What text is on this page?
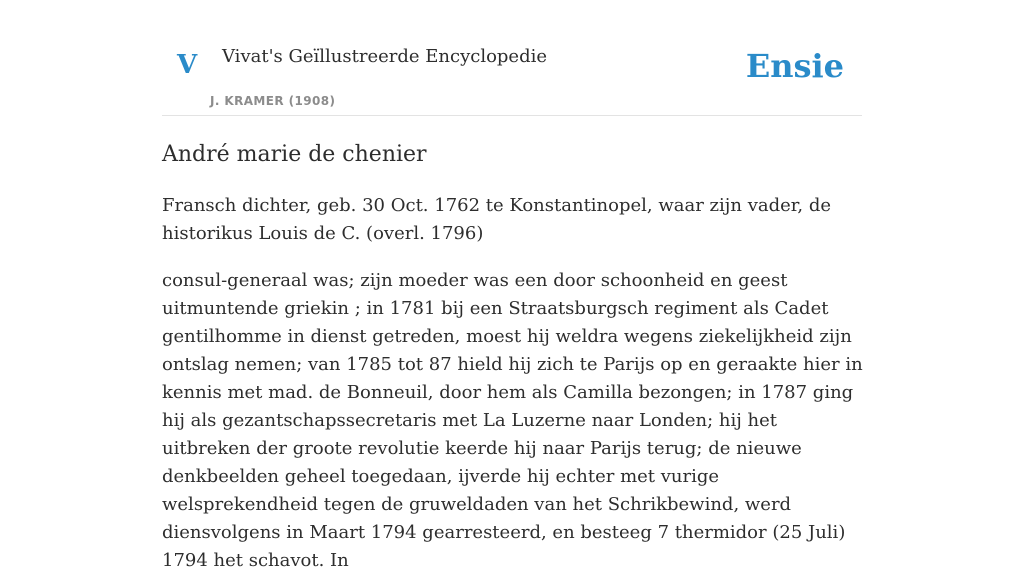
V Vivat's Geïllustreerde Encyclopedie
J. KRAMER (1908)
Ensie
André marie de chenier

Fransch dichter, geb. 30 Oct. 1762 te Konstantinopel, waar zijn vader, de historikus Louis de C. (overl. 1796)

consul-generaal was; zijn moeder was een door schoonheid en geest uitmuntende griekin ; in 1781 bij een Straatsburgsch regiment als Cadet gentilhomme in dienst getreden, moest hij weldra wegens ziekelijkheid zijn ontslag nemen; van 1785 tot 87 hield hij zich te Parijs op en geraakte hier in kennis met mad. de Bonneuil, door hem als Camilla bezongen; in 1787 ging hij als gezantschapssecretaris met La Luzerne naar Londen; hij het uitbreken der groote revolutie keerde hij naar Parijs terug; de nieuwe denkbeelden geheel toegedaan, ijverde hij echter met vurige welsprekendheid tegen de gruweldaden van het Schrikbewind, werd diensvolgens in Maart 1794 gearresteerd, en besteeg 7 thermidor (25 Juli) 1794 het schavot. In
